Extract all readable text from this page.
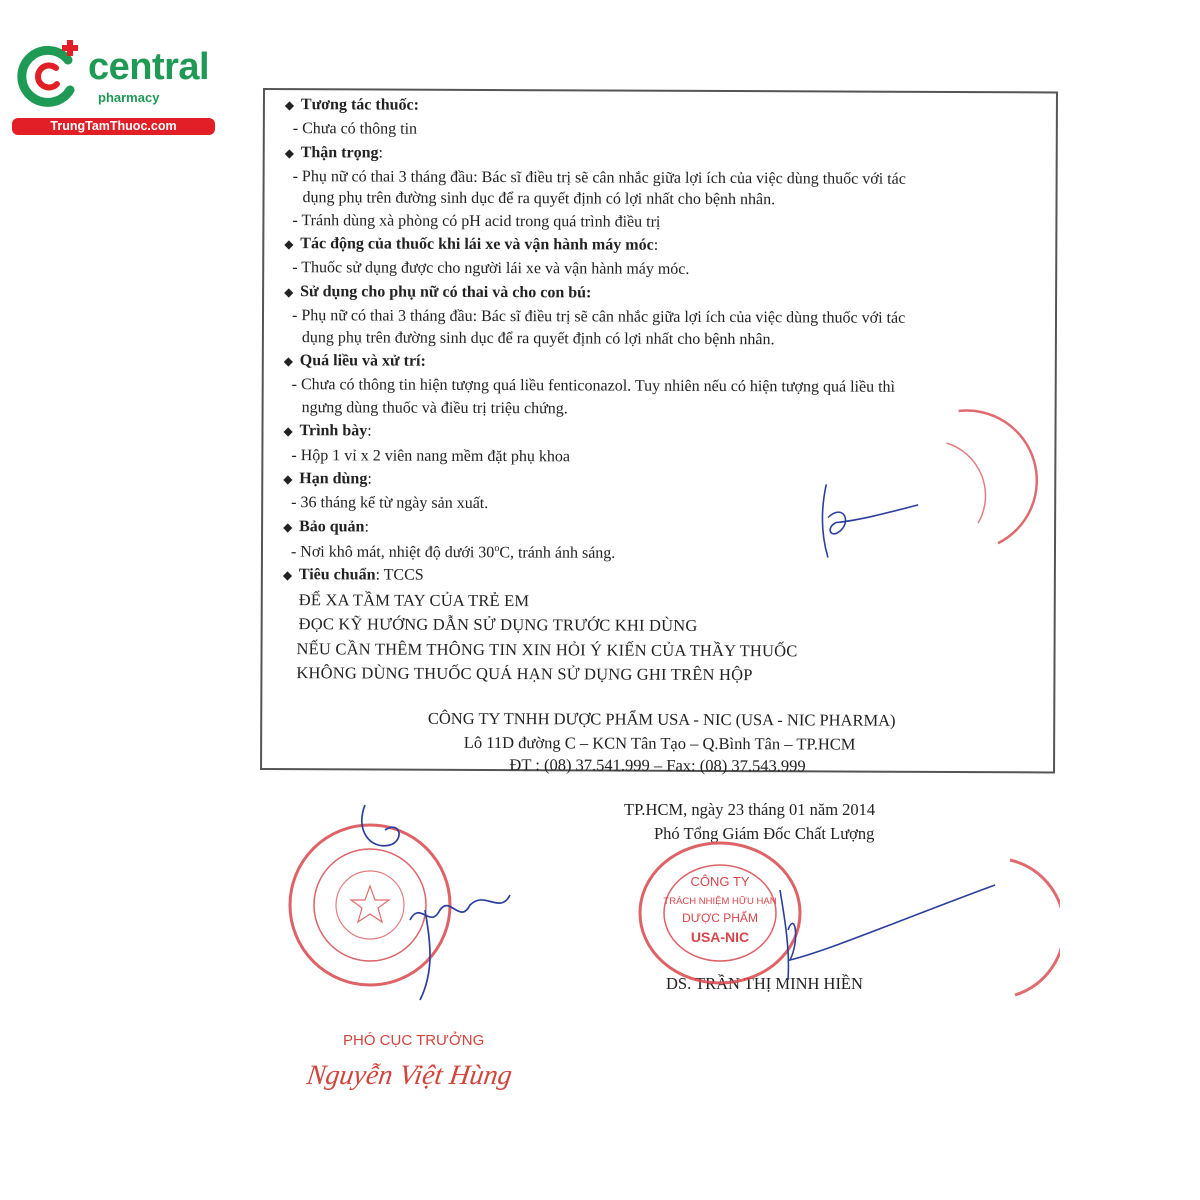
central
pharmacy
TrungTamThuoc.com
◆ Tương tác thuốc:
- Chưa có thông tin
◆ Thận trọng:
- Phụ nữ có thai 3 tháng đầu: Bác sĩ điều trị sẽ cân nhắc giữa lợi ích của việc dùng thuốc với tác
dụng phụ trên đường sinh dục để ra quyết định có lợi nhất cho bệnh nhân.
- Tránh dùng xà phòng có pH acid trong quá trình điều trị
◆ Tác động của thuốc khi lái xe và vận hành máy móc:
- Thuốc sử dụng được cho người lái xe và vận hành máy móc.
◆ Sử dụng cho phụ nữ có thai và cho con bú:
- Phụ nữ có thai 3 tháng đầu: Bác sĩ điều trị sẽ cân nhắc giữa lợi ích của việc dùng thuốc với tác
dụng phụ trên đường sinh dục để ra quyết định có lợi nhất cho bệnh nhân.
◆ Quá liều và xử trí:
- Chưa có thông tin hiện tượng quá liều fenticonazol. Tuy nhiên nếu có hiện tượng quá liều thì
ngưng dùng thuốc và điều trị triệu chứng.
◆ Trình bày:
- Hộp 1 vỉ x 2 viên nang mềm đặt phụ khoa
◆ Hạn dùng:
- 36 tháng kể từ ngày sản xuất.
◆ Bảo quản:
- Nơi khô mát, nhiệt độ dưới 30$^o$C, tránh ánh sáng.
◆ Tiêu chuẩn: TCCS
ĐỂ XA TẦM TAY CỦA TRẺ EM
ĐỌC KỸ HƯỚNG DẪN SỬ DỤNG TRƯỚC KHI DÙNG
NẾU CẦN THÊM THÔNG TIN XIN HỎI Ý KIẾN CỦA THẦY THUỐC
KHÔNG DÙNG THUỐC QUÁ HẠN SỬ DỤNG GHI TRÊN HỘP
CÔNG TY TNHH DƯỢC PHẨM USA - NIC (USA - NIC PHARMA)
Lô 11D đường C – KCN Tân Tạo – Q.Bình Tân – TP.HCM
ĐT : (08) 37.541.999 – Fax: (08) 37.543.999
TP.HCM, ngày 23 tháng 01 năm 2014
Phó Tổng Giám Đốc Chất Lượng
DS. TRẦN THỊ MINH HIỀN
CÔNG TY
TRÁCH NHIỆM HỮU HẠN
DƯỢC PHẨM
USA-NIC
PHÓ CỤC TRƯỞNG
Nguyễn Việt Hùng
